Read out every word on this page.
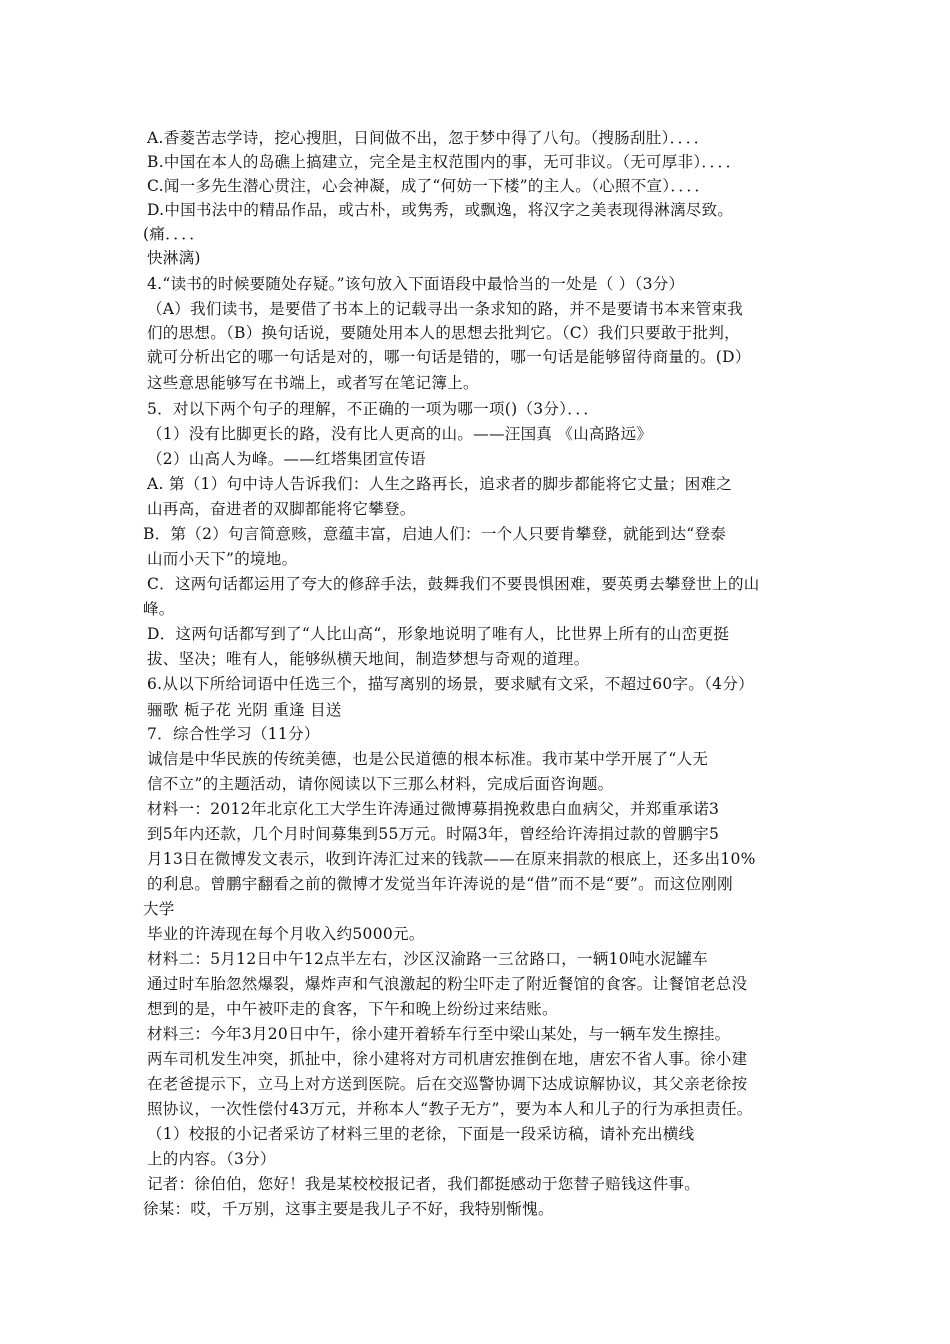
A.香菱苦志学诗，挖心搜胆，日间做不出，忽于梦中得了八句。（搜肠刮肚）．．．．
B.中国在本人的岛礁上搞建立，完全是主权范围内的事，无可非议。（无可厚非）．．．．
C.闻一多先生潜心贯注，心会神凝，成了“何妨一下楼”的主人。（心照不宣）．．．．
D.中国书法中的精品作品，或古朴，或隽秀，或飘逸，将汉字之美表现得淋漓尽致。
(痛．．．．
快淋漓)
4.“读书的时候要随处存疑。”该句放入下面语段中最恰当的一处是（ ）（3分）
（A）我们读书，是要借了书本上的记载寻出一条求知的路，并不是要请书本来管束我
们的思想。（B）换句话说，要随处用本人的思想去批判它。（C）我们只要敢于批判，
就可分析出它的哪一句话是对的，哪一句话是错的，哪一句话是能够留待商量的。(D）
这些意思能够写在书端上，或者写在笔记簿上。
5．对以下两个句子的理解，不正确的一项为哪一项()（3分）．．．
（1）没有比脚更长的路，没有比人更高的山。——汪国真 《山高路远》
（2）山高人为峰。——红塔集团宣传语
A. 第（1）句中诗人告诉我们：人生之路再长，追求者的脚步都能将它丈量；困难之
山再高，奋进者的双脚都能将它攀登。
B．第（2）句言简意赅，意蕴丰富，启迪人们：一个人只要肯攀登，就能到达“登泰
山而小天下”的境地。
C．这两句话都运用了夸大的修辞手法，鼓舞我们不要畏惧困难，要英勇去攀登世上的山
峰。
D．这两句话都写到了“人比山高“，形象地说明了唯有人，比世界上所有的山峦更挺
拔、坚决；唯有人，能够纵横天地间，制造梦想与奇观的道理。
6.从以下所给词语中任选三个，描写离别的场景，要求赋有文采，不超过60字。（4分）
骊歌 栀子花 光阴 重逢 目送
7．综合性学习（11分）
诚信是中华民族的传统美德，也是公民道德的根本标准。我市某中学开展了“人无
信不立”的主题活动，请你阅读以下三那么材料，完成后面咨询题。
材料一：2012年北京化工大学生许涛通过微博募捐挽救患白血病父，并郑重承诺3
到5年内还款，几个月时间募集到55万元。时隔3年，曾经给许涛捐过款的曾鹏宇5
月13日在微博发文表示，收到许涛汇过来的钱款——在原来捐款的根底上，还多出10%
的利息。曾鹏宇翻看之前的微博才发觉当年许涛说的是“借”而不是“要”。而这位刚刚
大学
毕业的许涛现在每个月收入约5000元。
材料二：5月12日中午12点半左右，沙区汉渝路一三岔路口，一辆10吨水泥罐车
通过时车胎忽然爆裂，爆炸声和气浪激起的粉尘吓走了附近餐馆的食客。让餐馆老总没
想到的是，中午被吓走的食客，下午和晚上纷纷过来结账。
材料三：今年3月20日中午，徐小建开着轿车行至中梁山某处，与一辆车发生擦挂。
两车司机发生冲突，抓扯中，徐小建将对方司机唐宏推倒在地，唐宏不省人事。徐小建
在老爸提示下，立马上对方送到医院。后在交巡警协调下达成谅解协议，其父亲老徐按
照协议，一次性偿付43万元，并称本人“教子无方”，要为本人和儿子的行为承担责任。
（1）校报的小记者采访了材料三里的老徐，下面是一段采访稿，请补充出横线
上的内容。（3分）
记者：徐伯伯，您好！我是某校校报记者，我们都挺感动于您替子赔钱这件事。
徐某：哎，千万别，这事主要是我儿子不好，我特别惭愧。
